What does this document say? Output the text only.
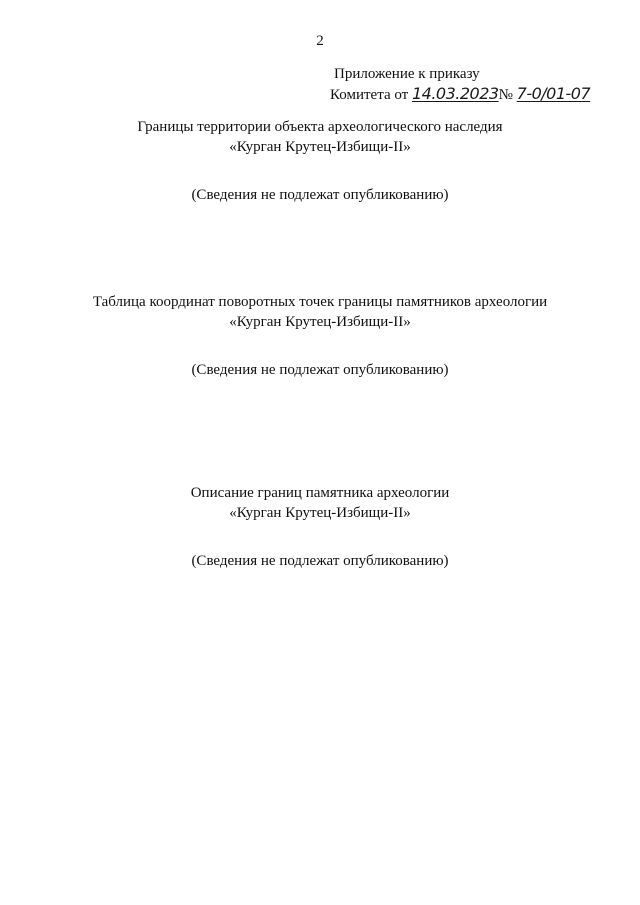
2
Приложение к приказу
Комитета от 14.03.2023№ 7-0/01-07
Границы территории объекта археологического наследия
«Курган Крутец-Избищи-II»
(Сведения не подлежат опубликованию)
Таблица координат поворотных точек границы памятников археологии
«Курган Крутец-Избищи-II»
(Сведения не подлежат опубликованию)
Описание границ памятника археологии
«Курган Крутец-Избищи-II»
(Сведения не подлежат опубликованию)
